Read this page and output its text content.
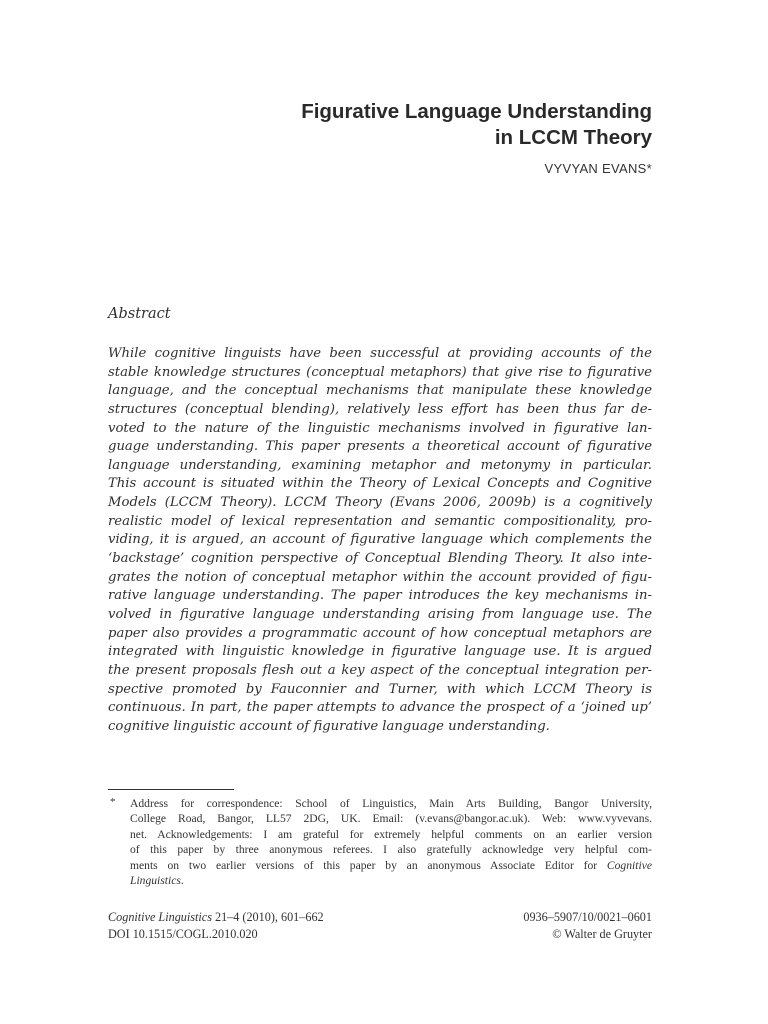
Figurative Language Understanding
in LCCM Theory
VYVYAN EVANS*
Abstract
While cognitive linguists have been successful at providing accounts of the
stable knowledge structures (conceptual metaphors) that give rise to figurative
language, and the conceptual mechanisms that manipulate these knowledge
structures (conceptual blending), relatively less effort has been thus far de-
voted to the nature of the linguistic mechanisms involved in figurative lan-
guage understanding. This paper presents a theoretical account of figurative
language understanding, examining metaphor and metonymy in particular.
This account is situated within the Theory of Lexical Concepts and Cognitive
Models (LCCM Theory). LCCM Theory (Evans 2006, 2009b) is a cognitively
realistic model of lexical representation and semantic compositionality, pro-
viding, it is argued, an account of figurative language which complements the
‘backstage’ cognition perspective of Conceptual Blending Theory. It also inte-
grates the notion of conceptual metaphor within the account provided of figu-
rative language understanding. The paper introduces the key mechanisms in-
volved in figurative language understanding arising from language use. The
paper also provides a programmatic account of how conceptual metaphors are
integrated with linguistic knowledge in figurative language use. It is argued
the present proposals flesh out a key aspect of the conceptual integration per-
spective promoted by Fauconnier and Turner, with which LCCM Theory is
continuous. In part, the paper attempts to advance the prospect of a ‘joined up’
cognitive linguistic account of figurative language understanding.
* Address for correspondence: School of Linguistics, Main Arts Building, Bangor University,
College Road, Bangor, LL57 2DG, UK. Email: (v.evans@bangor.ac.uk). Web: www.vyvevans.
net. Acknowledgements: I am grateful for extremely helpful comments on an earlier version
of this paper by three anonymous referees. I also gratefully acknowledge very helpful com-
ments on two earlier versions of this paper by an anonymous Associate Editor for Cognitive
Linguistics.
Cognitive Linguistics 21–4 (2010), 601–662	0936–5907/10/0021–0601
DOI 10.1515/COGL.2010.020	© Walter de Gruyter
